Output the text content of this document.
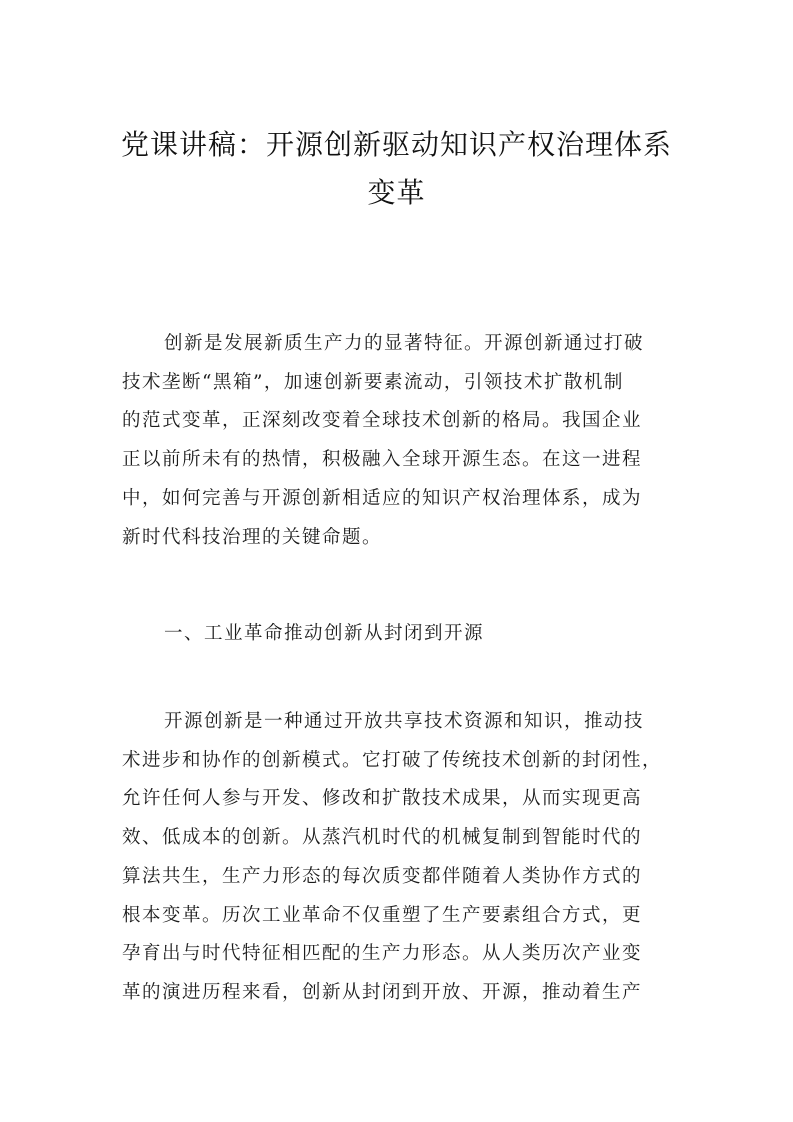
党课讲稿：开源创新驱动知识产权治理体系
变革
创新是发展新质生产力的显著特征。开源创新通过打破
技术垄断“黑箱”，加速创新要素流动，引领技术扩散机制
的范式变革，正深刻改变着全球技术创新的格局。我国企业
正以前所未有的热情，积极融入全球开源生态。在这一进程
中，如何完善与开源创新相适应的知识产权治理体系，成为
新时代科技治理的关键命题。
一、工业革命推动创新从封闭到开源
开源创新是一种通过开放共享技术资源和知识，推动技
术进步和协作的创新模式。它打破了传统技术创新的封闭性，
允许任何人参与开发、修改和扩散技术成果，从而实现更高
效、低成本的创新。从蒸汽机时代的机械复制到智能时代的
算法共生，生产力形态的每次质变都伴随着人类协作方式的
根本变革。历次工业革命不仅重塑了生产要素组合方式，更
孕育出与时代特征相匹配的生产力形态。从人类历次产业变
革的演进历程来看，创新从封闭到开放、开源，推动着生产
